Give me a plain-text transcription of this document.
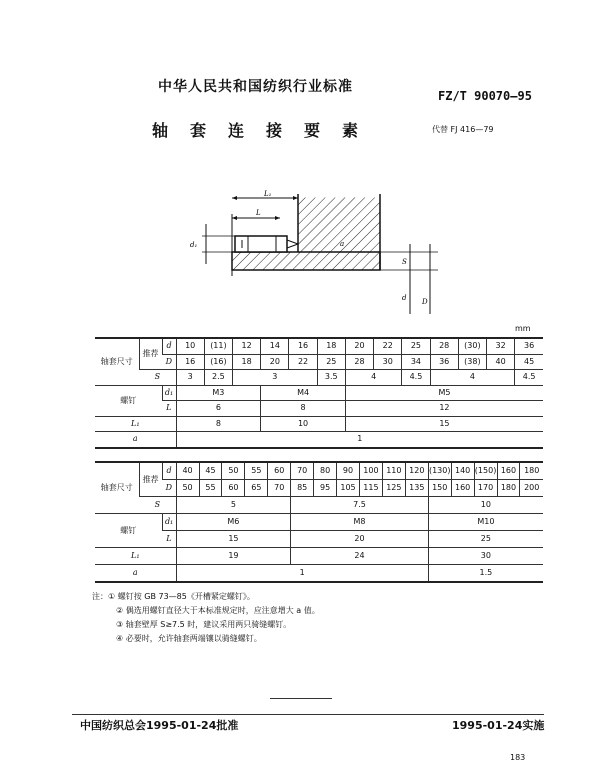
中华人民共和国纺织行业标准
FZ/T 90070—95
轴套连接要素	代替 FJ 416—79
L₁
L
d₁	a
S
d D
mm
轴套尺寸	推荐	d	10	(11)	12	14	16	18	20	22	25	28	(30)	32	36
		D	16	(16)	18	20	22	25	28	30	34	36	(38)	40	45
	S		3	2.5	3			3.5	4		4.5	4			4.5
螺钉		d₁	M3			M4			M5						
		L	6			8			12						
L₁			8			10			15						
a			1												
轴套尺寸	推荐	d	40	45	50	55	60	70	80	90	100	110	120	(130)	140	(150)	160	180
		D	50	55	60	65	70	85	95	105	115	125	135	150	160	170	180	200
	S		5					7.5						10				
螺钉		d₁	M6					M8						M10				
		L	15					20						25				
L₁			19					24						30				
a			1											1.5				
注：① 螺钉按 GB 73—85《开槽紧定螺钉》。
② 偶选用螺钉直径大于本标准规定时，应注意增大 a 值。
③ 轴套壁厚 S≥7.5 时，建议采用两只骑缝螺钉。
④ 必要时，允许轴套两端镶以骑缝螺钉。
中国纺织总会1995-01-24批准	1995-01-24实施
183
